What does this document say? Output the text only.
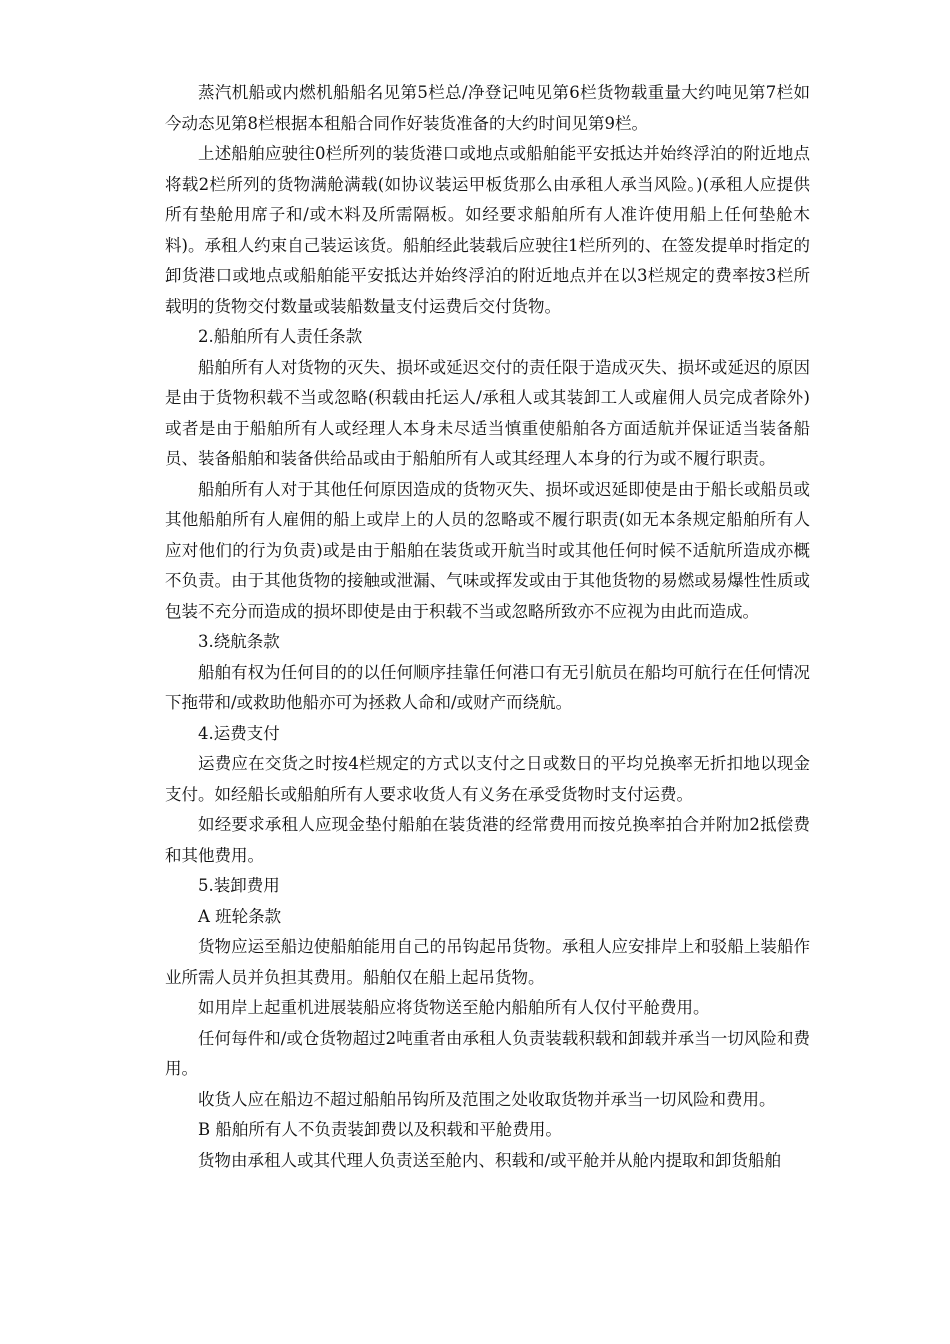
蒸汽机船或内燃机船船名见第5栏总/净登记吨见第6栏货物载重量大约吨见第7栏如今动态见第8栏根据本租船合同作好装货准备的大约时间见第9栏。

上述船舶应驶往0栏所列的装货港口或地点或船舶能平安抵达并始终浮泊的附近地点将载2栏所列的货物满舱满载(如协议装运甲板货那么由承租人承当风险。)(承租人应提供所有垫舱用席子和/或木料及所需隔板。如经要求船舶所有人准许使用船上任何垫舱木料)。承租人约束自己装运该货。船舶经此装载后应驶往1栏所列的、在签发提单时指定的卸货港口或地点或船舶能平安抵达并始终浮泊的附近地点并在以3栏规定的费率按3栏所载明的货物交付数量或装船数量支付运费后交付货物。

2.船舶所有人责任条款

船舶所有人对货物的灭失、损坏或延迟交付的责任限于造成灭失、损坏或延迟的原因是由于货物积载不当或忽略(积载由托运人/承租人或其装卸工人或雇佣人员完成者除外)或者是由于船舶所有人或经理人本身未尽适当慎重使船舶各方面适航并保证适当装备船员、装备船舶和装备供给品或由于船舶所有人或其经理人本身的行为或不履行职责。

船舶所有人对于其他任何原因造成的货物灭失、损坏或迟延即使是由于船长或船员或其他船舶所有人雇佣的船上或岸上的人员的忽略或不履行职责(如无本条规定船舶所有人应对他们的行为负责)或是由于船舶在装货或开航当时或其他任何时候不适航所造成亦概不负责。由于其他货物的接触或泄漏、气味或挥发或由于其他货物的易燃或易爆性性质或包装不充分而造成的损坏即使是由于积载不当或忽略所致亦不应视为由此而造成。

3.绕航条款

船舶有权为任何目的的以任何顺序挂靠任何港口有无引航员在船均可航行在任何情况下拖带和/或救助他船亦可为拯救人命和/或财产而绕航。

4.运费支付

运费应在交货之时按4栏规定的方式以支付之日或数日的平均兑换率无折扣地以现金支付。如经船长或船舶所有人要求收货人有义务在承受货物时支付运费。

如经要求承租人应现金垫付船舶在装货港的经常费用而按兑换率拍合并附加2抵偿费和其他费用。

5.装卸费用

A 班轮条款

货物应运至船边使船舶能用自己的吊钩起吊货物。承租人应安排岸上和驳船上装船作业所需人员并负担其费用。船舶仅在船上起吊货物。

如用岸上起重机进展装船应将货物送至舱内船舶所有人仅付平舱费用。

任何每件和/或仓货物超过2吨重者由承租人负责装载积载和卸载并承当一切风险和费用。

收货人应在船边不超过船舶吊钩所及范围之处收取货物并承当一切风险和费用。

B 船舶所有人不负责装卸费以及积载和平舱费用。

货物由承租人或其代理人负责送至舱内、积载和/或平舱并从舱内提取和卸货船舶
